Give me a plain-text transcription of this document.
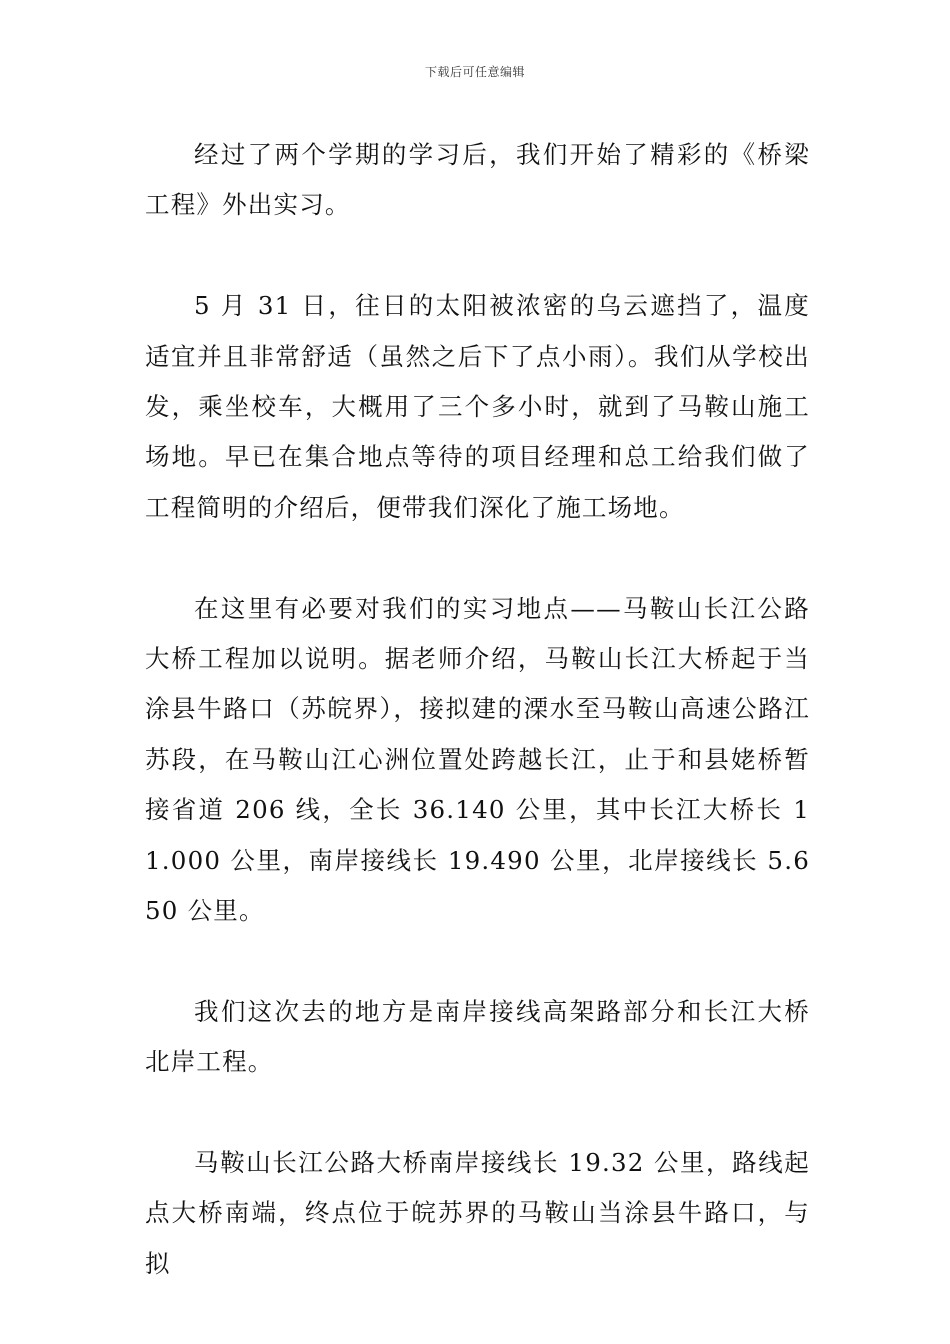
下载后可任意编辑

经过了两个学期的学习后，我们开始了精彩的《桥梁工程》外出实习。

5 月 31 日，往日的太阳被浓密的乌云遮挡了，温度适宜并且非常舒适（虽然之后下了点小雨）。我们从学校出发，乘坐校车，大概用了三个多小时，就到了马鞍山施工场地。早已在集合地点等待的项目经理和总工给我们做了工程简明的介绍后，便带我们深化了施工场地。

在这里有必要对我们的实习地点——马鞍山长江公路大桥工程加以说明。据老师介绍，马鞍山长江大桥起于当涂县牛路口（苏皖界），接拟建的溧水至马鞍山高速公路江苏段，在马鞍山江心洲位置处跨越长江，止于和县姥桥暂接省道 206 线，全长 36.140 公里，其中长江大桥长 11.000 公里，南岸接线长 19.490 公里，北岸接线长 5.650 公里。

我们这次去的地方是南岸接线高架路部分和长江大桥北岸工程。

马鞍山长江公路大桥南岸接线长 19.32 公里，路线起点大桥南端，终点位于皖苏界的马鞍山当涂县牛路口，与拟
